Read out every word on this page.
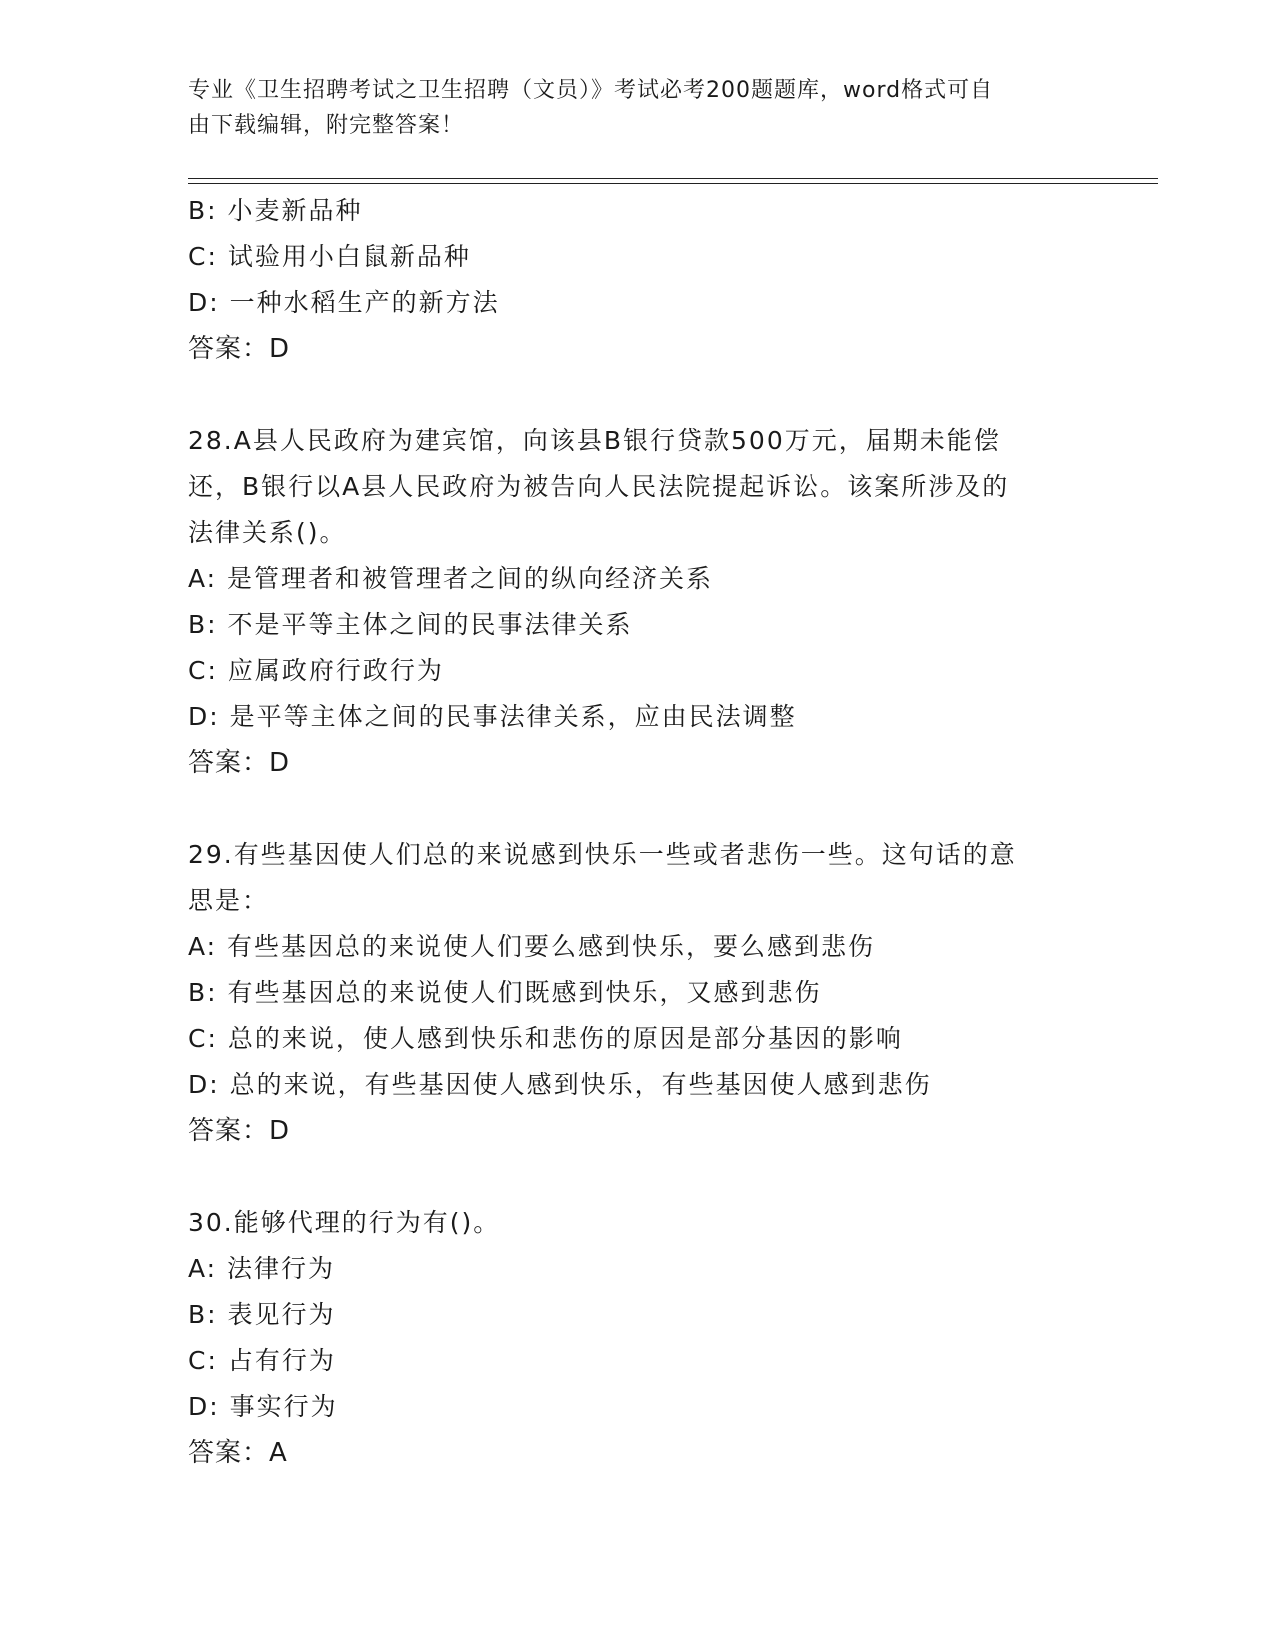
专业《卫生招聘考试之卫生招聘（文员）》考试必考200题题库，word格式可自
由下载编辑，附完整答案！
B: 小麦新品种
C: 试验用小白鼠新品种
D: 一种水稻生产的新方法
答案：D
28.A县人民政府为建宾馆，向该县B银行贷款500万元，届期未能偿
还，B银行以A县人民政府为被告向人民法院提起诉讼。该案所涉及的
法律关系()。
A: 是管理者和被管理者之间的纵向经济关系
B: 不是平等主体之间的民事法律关系
C: 应属政府行政行为
D: 是平等主体之间的民事法律关系，应由民法调整
答案：D
29.有些基因使人们总的来说感到快乐一些或者悲伤一些。这句话的意
思是：
A: 有些基因总的来说使人们要么感到快乐，要么感到悲伤
B: 有些基因总的来说使人们既感到快乐，又感到悲伤
C: 总的来说，使人感到快乐和悲伤的原因是部分基因的影响
D: 总的来说，有些基因使人感到快乐，有些基因使人感到悲伤
答案：D
30.能够代理的行为有()。
A: 法律行为
B: 表见行为
C: 占有行为
D: 事实行为
答案：A
